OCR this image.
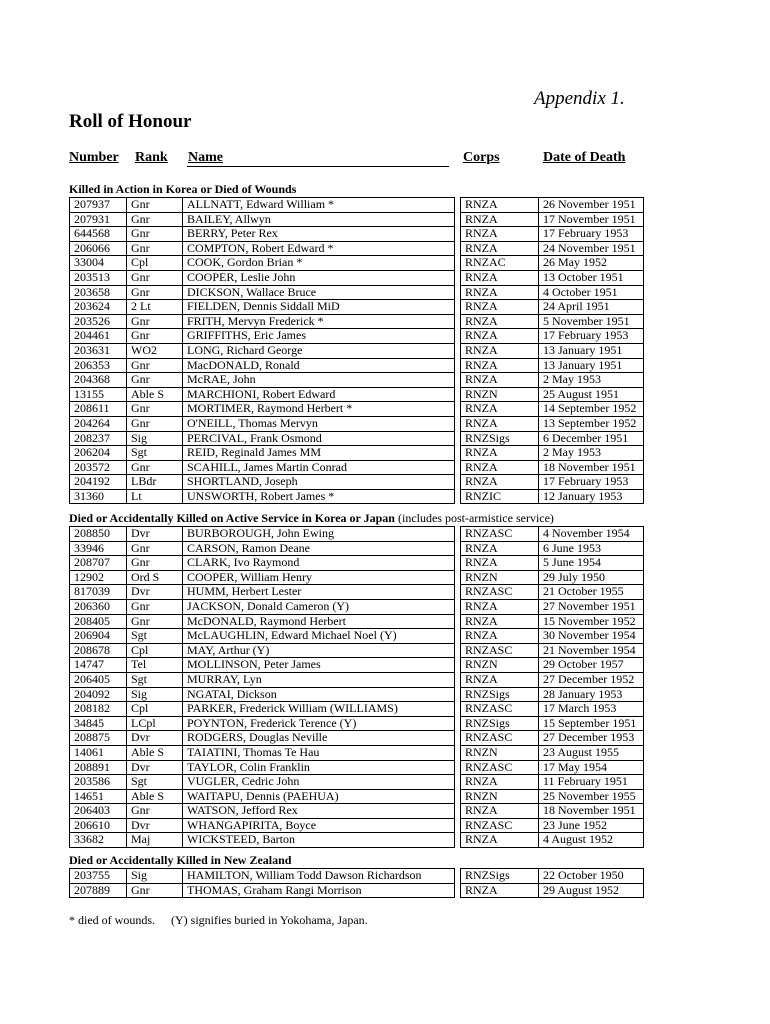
Appendix 1.
Roll of Honour
Number Rank Name	Corps	Date of Death
Killed in Action in Korea or Died of Wounds
207937	Gnr	ALLNATT, Edward William *		RNZA	26 November 1951
207931	Gnr	BAILEY, Allwyn		RNZA	17 November 1951
644568	Gnr	BERRY, Peter Rex		RNZA	17 February 1953
206066	Gnr	COMPTON, Robert Edward *		RNZA	24 November 1951
33004	Cpl	COOK, Gordon Brian *		RNZAC	26 May 1952
203513	Gnr	COOPER, Leslie John		RNZA	13 October 1951
203658	Gnr	DICKSON, Wallace Bruce		RNZA	4 October 1951
203624	2 Lt	FIELDEN, Dennis Siddall MiD		RNZA	24 April 1951
203526	Gnr	FRITH, Mervyn Frederick *		RNZA	5 November 1951
204461	Gnr	GRIFFITHS, Eric James		RNZA	17 February 1953
203631	WO2	LONG, Richard George		RNZA	13 January 1951
206353	Gnr	MacDONALD, Ronald		RNZA	13 January 1951
204368	Gnr	McRAE, John		RNZA	2 May 1953
13155	Able S	MARCHIONI, Robert Edward		RNZN	25 August 1951
208611	Gnr	MORTIMER, Raymond Herbert *		RNZA	14 September 1952
204264	Gnr	O'NEILL, Thomas Mervyn		RNZA	13 September 1952
208237	Sig	PERCIVAL, Frank Osmond		RNZSigs	6 December 1951
206204	Sgt	REID, Reginald James MM		RNZA	2 May 1953
203572	Gnr	SCAHILL, James Martin Conrad		RNZA	18 November 1951
204192	LBdr	SHORTLAND, Joseph		RNZA	17 February 1953
31360	Lt	UNSWORTH, Robert James *		RNZIC	12 January 1953
Died or Accidentally Killed on Active Service in Korea or Japan (includes post-armistice service)
208850	Dvr	BURBOROUGH, John Ewing		RNZASC	4 November 1954
33946	Gnr	CARSON, Ramon Deane		RNZA	6 June 1953
208707	Gnr	CLARK, Ivo Raymond		RNZA	5 June 1954
12902	Ord S	COOPER, William Henry		RNZN	29 July 1950
817039	Dvr	HUMM, Herbert Lester		RNZASC	21 October 1955
206360	Gnr	JACKSON, Donald Cameron (Y)		RNZA	27 November 1951
208405	Gnr	McDONALD, Raymond Herbert		RNZA	15 November 1952
206904	Sgt	McLAUGHLIN, Edward Michael Noel (Y)		RNZA	30 November 1954
208678	Cpl	MAY, Arthur (Y)		RNZASC	21 November 1954
14747	Tel	MOLLINSON, Peter James		RNZN	29 October 1957
206405	Sgt	MURRAY, Lyn		RNZA	27 December 1952
204092	Sig	NGATAI, Dickson		RNZSigs	28 January 1953
208182	Cpl	PARKER, Frederick William (WILLIAMS)		RNZASC	17 March 1953
34845	LCpl	POYNTON, Frederick Terence (Y)		RNZSigs	15 September 1951
208875	Dvr	RODGERS, Douglas Neville		RNZASC	27 December 1953
14061	Able S	TAIATINI, Thomas Te Hau		RNZN	23 August 1955
208891	Dvr	TAYLOR, Colin Franklin		RNZASC	17 May 1954
203586	Sgt	VUGLER, Cedric John		RNZA	11 February 1951
14651	Able S	WAITAPU, Dennis (PAEHUA)		RNZN	25 November 1955
206403	Gnr	WATSON, Jefford Rex		RNZA	18 November 1951
206610	Dvr	WHANGAPIRITA, Boyce		RNZASC	23 June 1952
33682	Maj	WICKSTEED, Barton		RNZA	4 August 1952
Died or Accidentally Killed in New Zealand
203755	Sig	HAMILTON, William Todd Dawson Richardson		RNZSigs	22 October 1950
207889	Gnr	THOMAS, Graham Rangi Morrison		RNZA	29 August 1952
* died of wounds. (Y) signifies buried in Yokohama, Japan.
